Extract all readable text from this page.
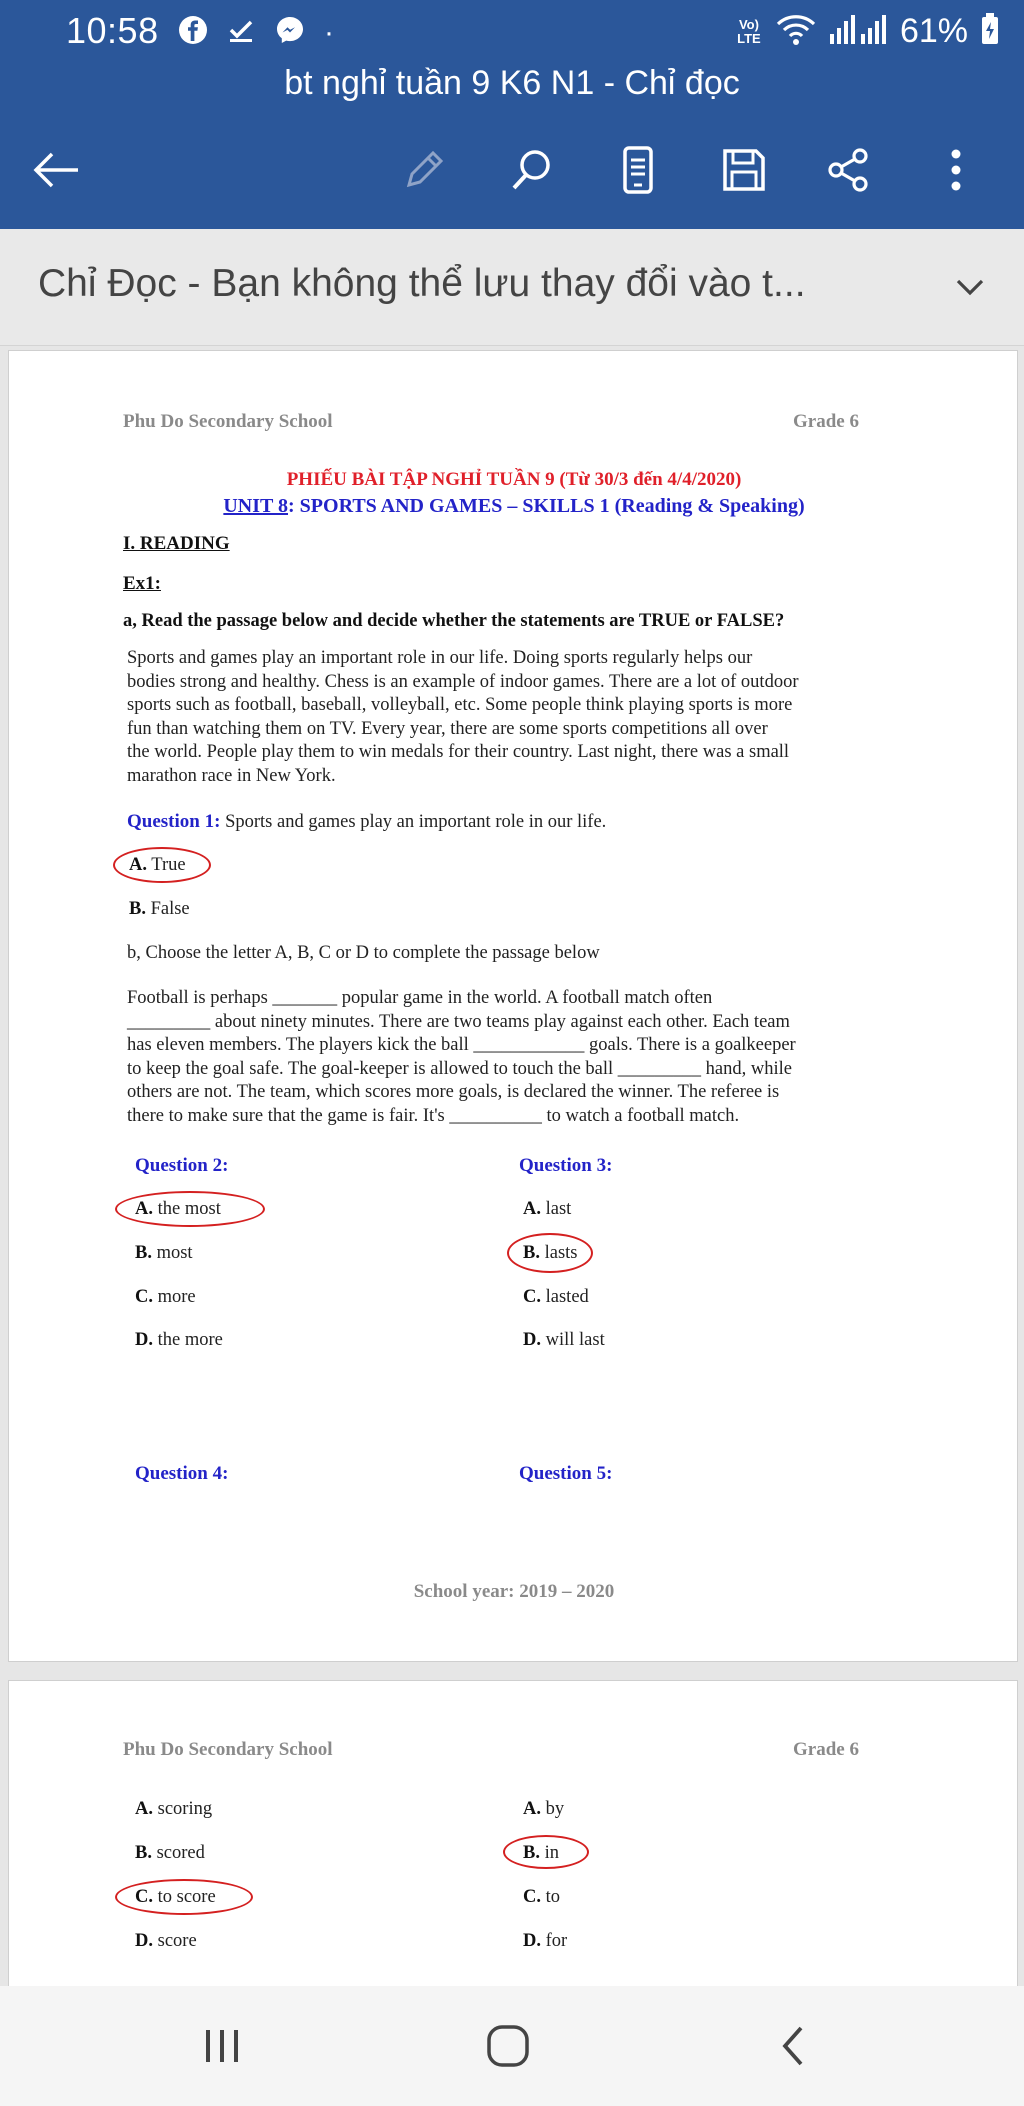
10:58	·	Vo) LTE	61%
bt nghỉ tuần 9 K6 N1 - Chỉ đọc
Chỉ Đọc - Bạn không thể lưu thay đổi vào t...
Phu Do Secondary School	Grade 6
PHIẾU BÀI TẬP NGHỈ TUẦN 9 (Từ 30/3 đến 4/4/2020)
UNIT 8: SPORTS AND GAMES – SKILLS 1 (Reading & Speaking)
I. READING
Ex1:
a, Read the passage below and decide whether the statements are TRUE or FALSE?
Sports and games play an important role in our life. Doing sports regularly helps our
bodies strong and healthy. Chess is an example of indoor games. There are a lot of outdoor
sports such as football, baseball, volleyball, etc. Some people think playing sports is more
fun than watching them on TV. Every year, there are some sports competitions all over
the world. People play them to win medals for their country. Last night, there was a small
marathon race in New York.
Question 1: Sports and games play an important role in our life.
A. True
B. False
b, Choose the letter A, B, C or D to complete the passage below
Football is perhaps _______ popular game in the world. A football match often
_________ about ninety minutes. There are two teams play against each other. Each team
has eleven members. The players kick the ball ____________ goals. There is a goalkeeper
to keep the goal safe. The goal-keeper is allowed to touch the ball _________ hand, while
others are not. The team, which scores more goals, is declared the winner. The referee is
there to make sure that the game is fair. It's __________ to watch a football match.
Question 2:
A. the most
B. most
C. more
D. the more
Question 3:
A. last
B. lasts
C. lasted
D. will last
Question 4:	Question 5:
School year: 2019 – 2020
Phu Do Secondary School	Grade 6
A. scoring
B. scored
C. to score
D. score
A. by
B. in
C. to
D. for
